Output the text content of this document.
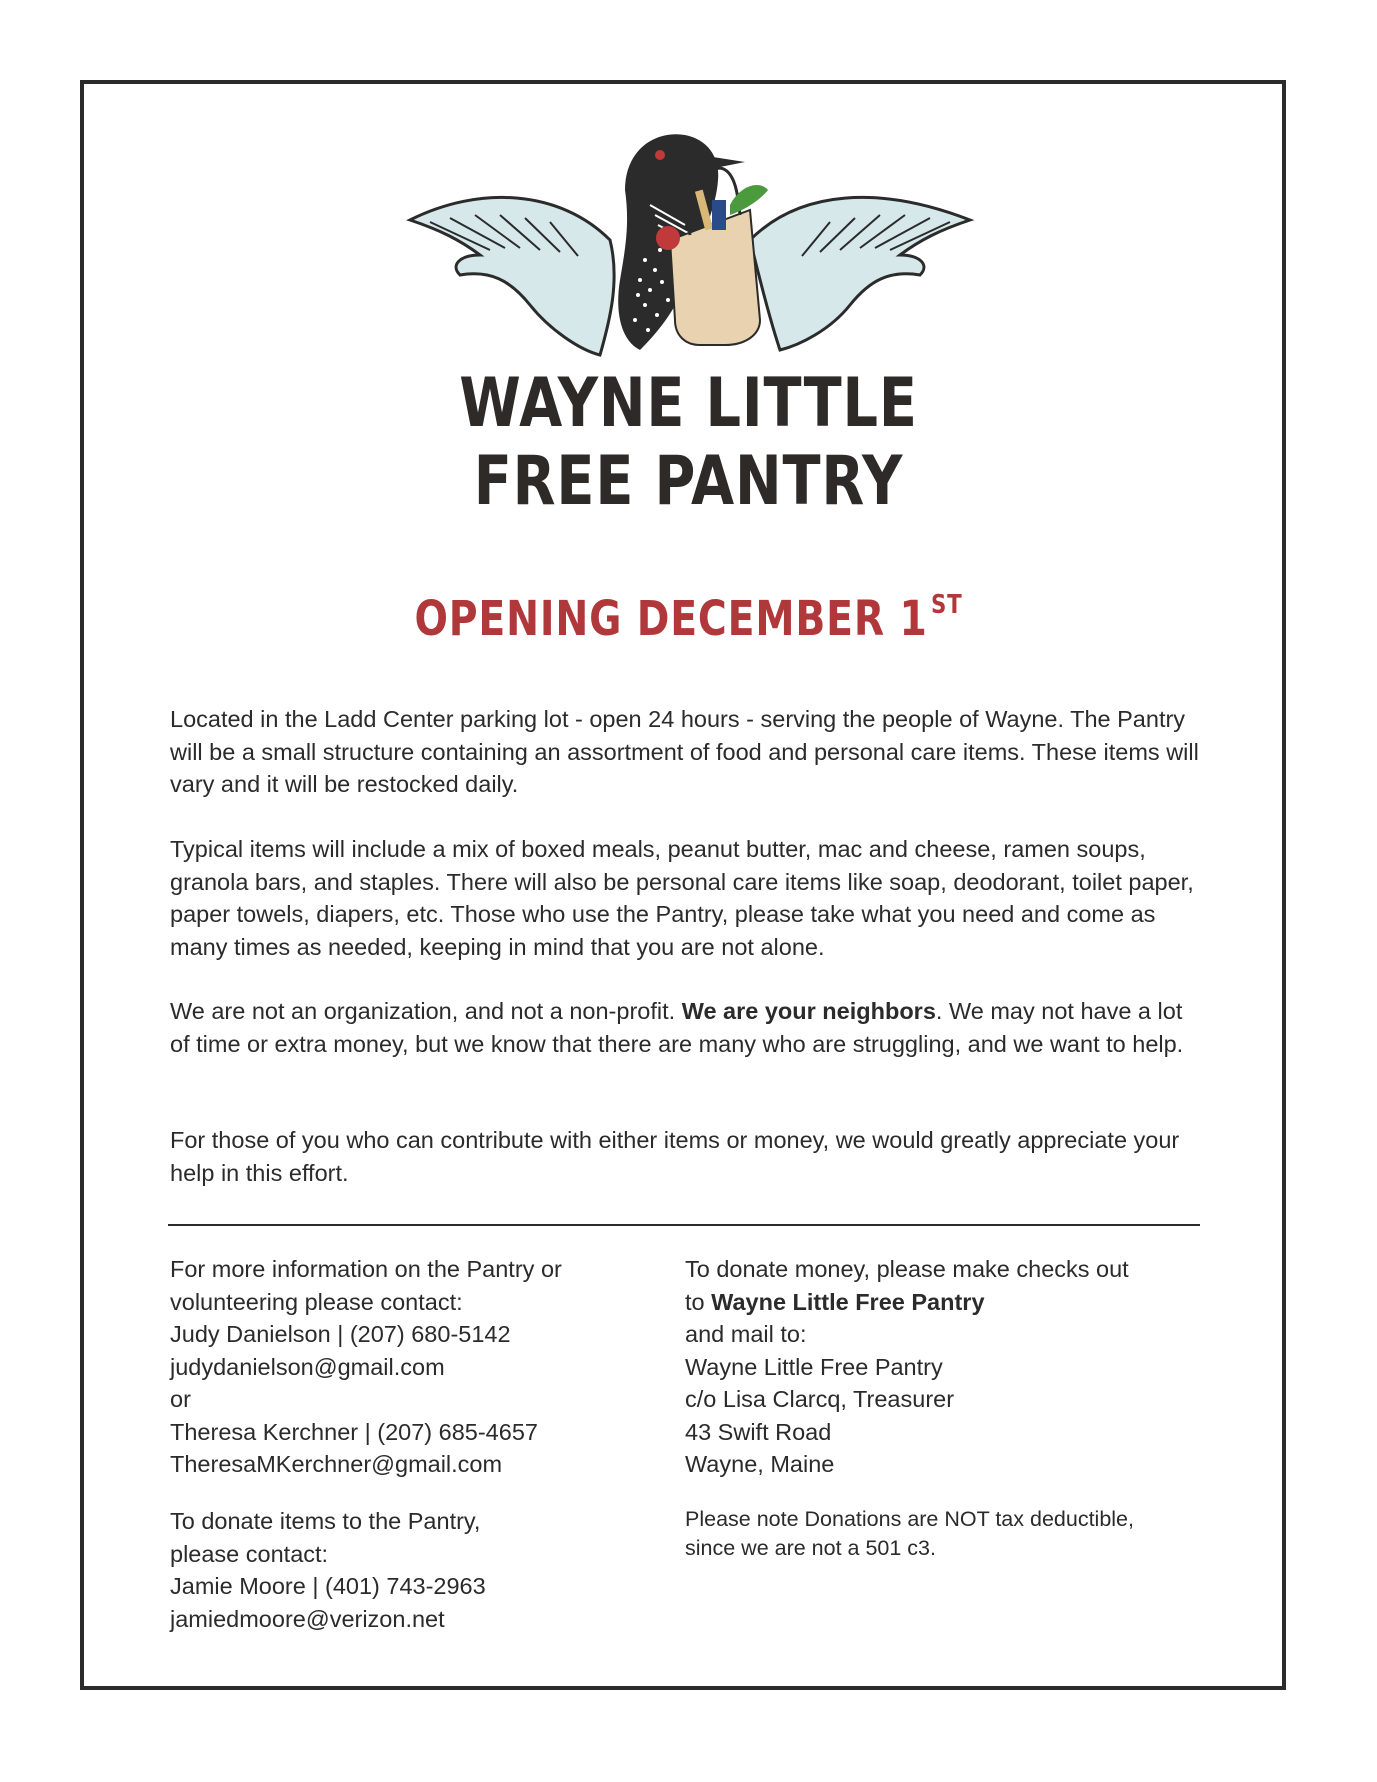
WAYNE LITTLE
FREE PANTRY
OPENING DECEMBER 1 $^{ST}$
Located in the Ladd Center parking lot - open 24 hours - serving the people of Wayne. The Pantry will be a small structure containing an assortment of food and personal care items. These items will vary and it will be restocked daily.
Typical items will include a mix of boxed meals, peanut butter, mac and cheese, ramen soups, granola bars, and staples. There will also be personal care items like soap, deodorant, toilet paper, paper towels, diapers, etc. Those who use the Pantry, please take what you need and come as many times as needed, keeping in mind that you are not alone.
We are not an organization, and not a non-profit. We are your neighbors. We may not have a lot of time or extra money, but we know that there are many who are struggling, and we want to help.
For those of you who can contribute with either items or money, we would greatly appreciate your help in this effort.
For more information on the Pantry or
volunteering please contact:
Judy Danielson | (207) 680-5142
judydanielson@gmail.com
or
Theresa Kerchner | (207) 685-4657
TheresaMKerchner@gmail.com
To donate items to the Pantry,
please contact:
Jamie Moore | (401) 743-2963
jamiedmoore@verizon.net
To donate money, please make checks out
to Wayne Little Free Pantry
and mail to:
Wayne Little Free Pantry
c/o Lisa Clarcq, Treasurer
43 Swift Road
Wayne, Maine
Please note Donations are NOT tax deductible,
since we are not a 501 c3.
